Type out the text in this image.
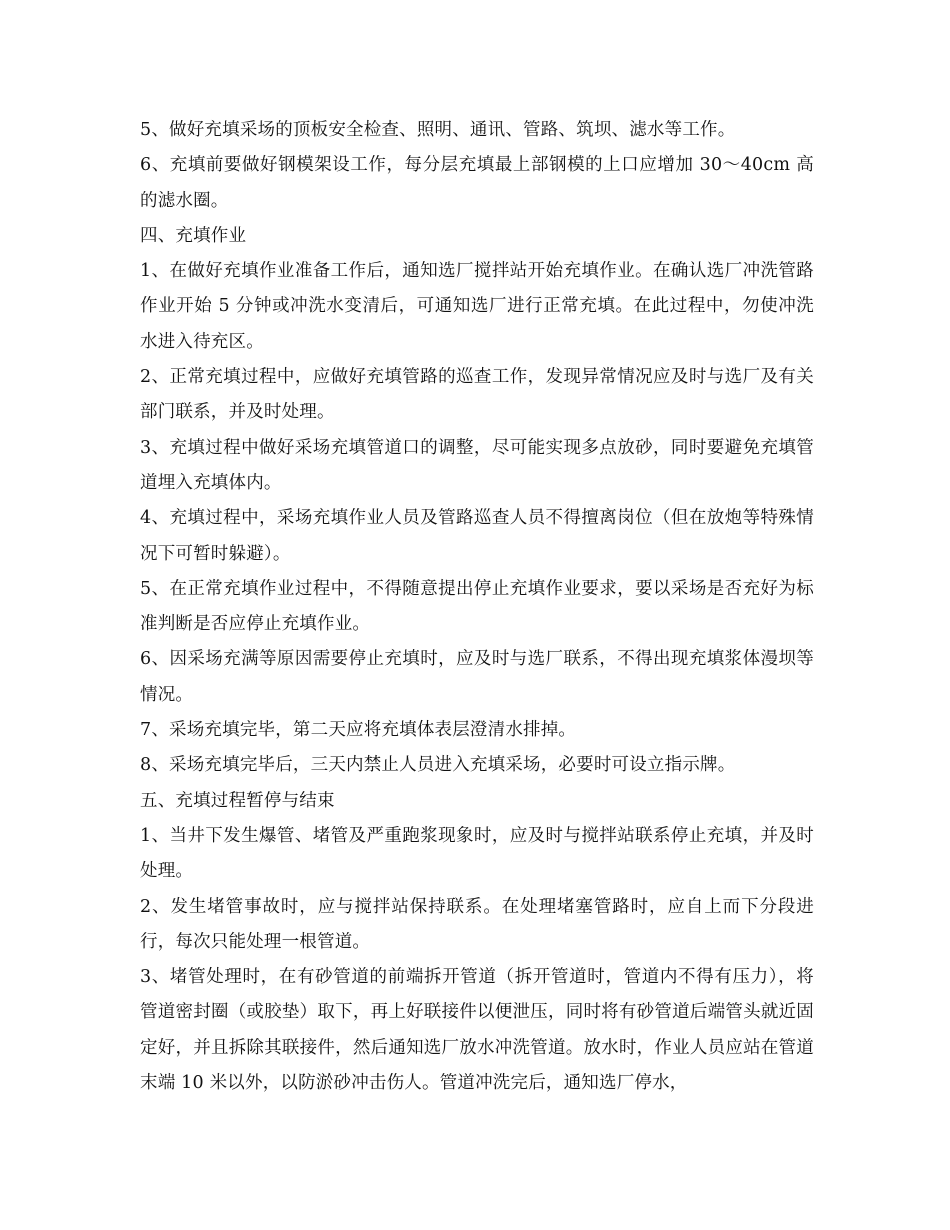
5、做好充填采场的顶板安全检查、照明、通讯、管路、筑坝、滤水等工作。

6、充填前要做好钢模架设工作，每分层充填最上部钢模的上口应增加 30～40cm 高的滤水圈。

四、充填作业

1、在做好充填作业准备工作后，通知选厂搅拌站开始充填作业。在确认选厂冲洗管路作业开始 5 分钟或冲洗水变清后，可通知选厂进行正常充填。在此过程中，勿使冲洗水进入待充区。

2、正常充填过程中，应做好充填管路的巡查工作，发现异常情况应及时与选厂及有关部门联系，并及时处理。

3、充填过程中做好采场充填管道口的调整，尽可能实现多点放砂，同时要避免充填管道埋入充填体内。

4、充填过程中，采场充填作业人员及管路巡查人员不得擅离岗位（但在放炮等特殊情况下可暂时躲避）。

5、在正常充填作业过程中，不得随意提出停止充填作业要求，要以采场是否充好为标准判断是否应停止充填作业。

6、因采场充满等原因需要停止充填时，应及时与选厂联系，不得出现充填浆体漫坝等情况。

7、采场充填完毕，第二天应将充填体表层澄清水排掉。

8、采场充填完毕后，三天内禁止人员进入充填采场，必要时可设立指示牌。

五、充填过程暂停与结束

1、当井下发生爆管、堵管及严重跑浆现象时，应及时与搅拌站联系停止充填，并及时处理。

2、发生堵管事故时，应与搅拌站保持联系。在处理堵塞管路时，应自上而下分段进行，每次只能处理一根管道。

3、堵管处理时，在有砂管道的前端拆开管道（拆开管道时，管道内不得有压力），将管道密封圈（或胶垫）取下，再上好联接件以便泄压，同时将有砂管道后端管头就近固定好，并且拆除其联接件，然后通知选厂放水冲洗管道。放水时，作业人员应站在管道末端 10 米以外，以防淤砂冲击伤人。管道冲洗完后，通知选厂停水，
